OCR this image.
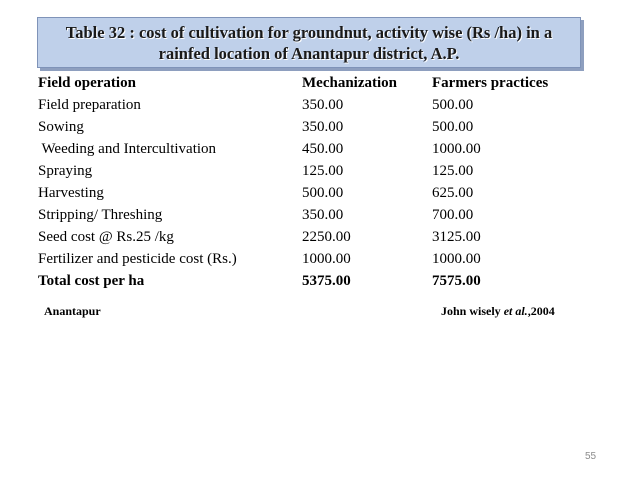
Table 32 : cost of cultivation for groundnut, activity wise (Rs /ha) in a
rainfed location of Anantapur district, A.P.
Field operation	Mechanization	Farmers practices
Field preparation	350.00	500.00
Sowing	350.00	500.00
Weeding and Intercultivation	450.00	1000.00
Spraying	125.00	125.00
Harvesting	500.00	625.00
Stripping/ Threshing	350.00	700.00
Seed cost @ Rs.25 /kg	2250.00	3125.00
Fertilizer and pesticide cost (Rs.)	1000.00	1000.00
Total cost per ha	5375.00	7575.00
Anantapur	John wisely et al.,2004
55
